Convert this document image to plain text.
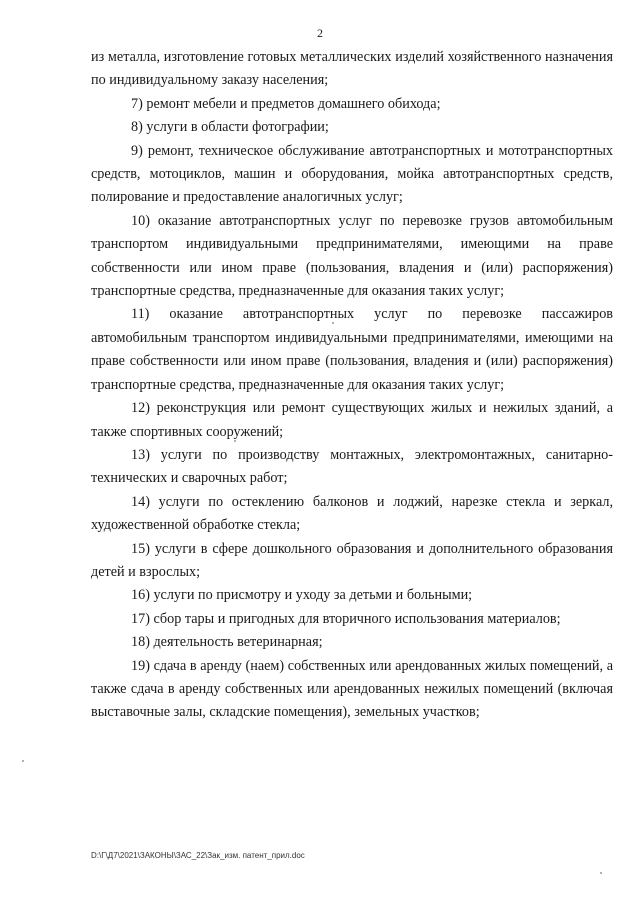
2

из металла, изготовление готовых металлических изделий хозяйственного назначения по индивидуальному заказу населения;

7) ремонт мебели и предметов домашнего обихода;

8) услуги в области фотографии;

9) ремонт, техническое обслуживание автотранспортных и мототранспортных средств, мотоциклов, машин и оборудования, мойка автотранспортных средств, полирование и предоставление аналогичных услуг;

10) оказание автотранспортных услуг по перевозке грузов автомобильным транспортом индивидуальными предпринимателями, имеющими на праве собственности или ином праве (пользования, владения и (или) распоряжения) транспортные средства, предназначенные для оказания таких услуг;

11) оказание автотранспортных услуг по перевозке пассажиров автомобильным транспортом индивидуальными предпринимателями, имеющими на праве собственности или ином праве (пользования, владения и (или) распоряжения) транспортные средства, предназначенные для оказания таких услуг;

12) реконструкция или ремонт существующих жилых и нежилых зданий, а также спортивных сооружений;

13) услуги по производству монтажных, электромонтажных, санитарно-технических и сварочных работ;

14) услуги по остеклению балконов и лоджий, нарезке стекла и зеркал, художественной обработке стекла;

15) услуги в сфере дошкольного образования и дополнительного образования детей и взрослых;

16) услуги по присмотру и уходу за детьми и больными;

17) сбор тары и пригодных для вторичного использования материалов;

18) деятельность ветеринарная;

19) сдача в аренду (наем) собственных или арендованных жилых помещений, а также сдача в аренду собственных или арендованных нежилых помещений (включая выставочные залы, складские помещения), земельных участков;

D:\Г\Д7\2021\ЗАКОНЫ\ЗАС_22\Зак_изм. патент_прил.doc
